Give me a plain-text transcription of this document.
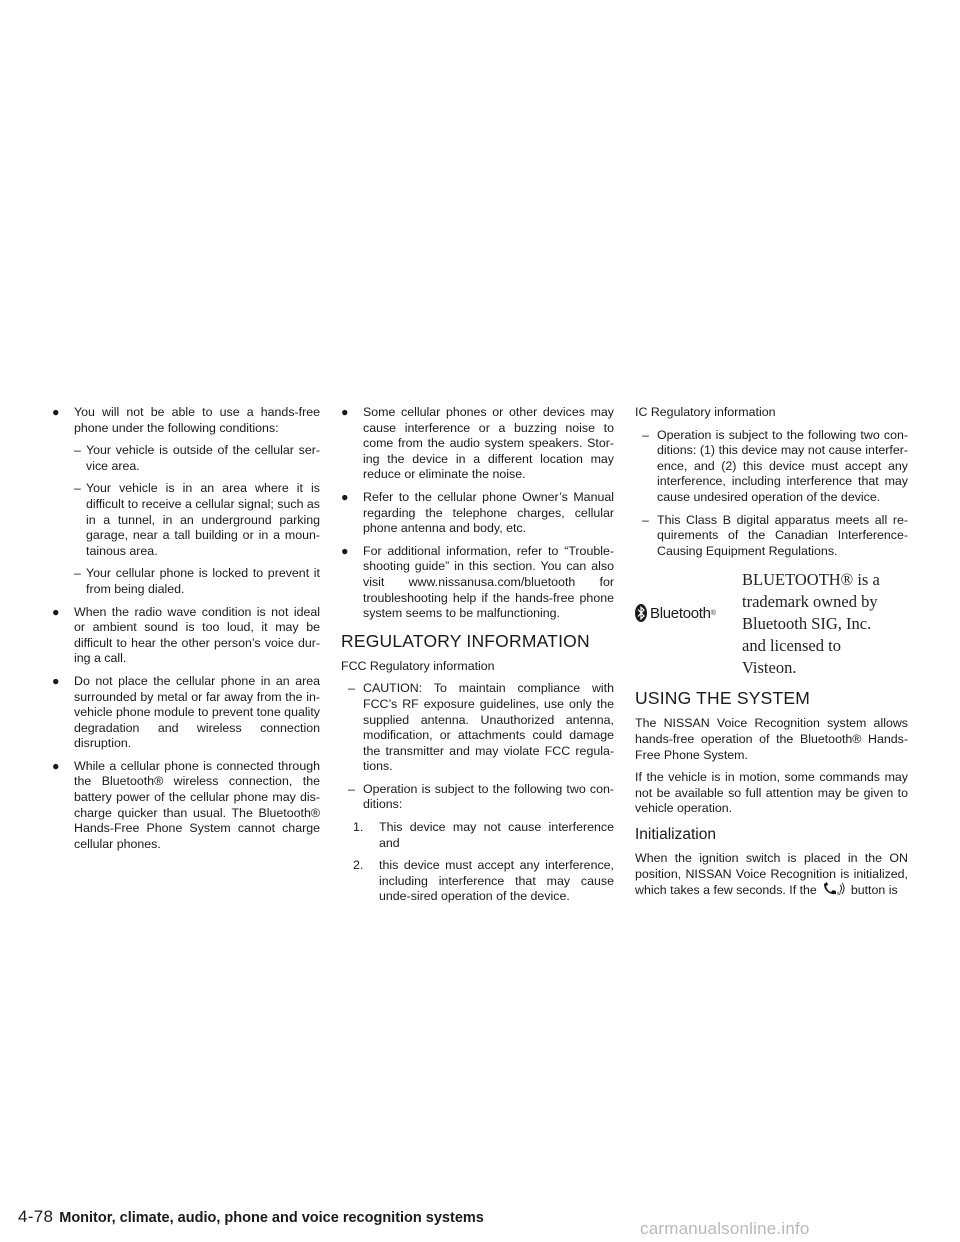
● You will not be able to use a hands-free phone under the following conditions:
– Your vehicle is outside of the cellular ser-vice area.
– Your vehicle is in an area where it is difficult to receive a cellular signal; such as in a tunnel, in an underground parking garage, near a tall building or in a moun-tainous area.
– Your cellular phone is locked to prevent it from being dialed.
● When the radio wave condition is not ideal or ambient sound is too loud, it may be difficult to hear the other person’s voice dur-ing a call.
● Do not place the cellular phone in an area surrounded by metal or far away from the in-vehicle phone module to prevent tone quality degradation and wireless connection disruption.
● While a cellular phone is connected through the Bluetooth® wireless connection, the battery power of the cellular phone may dis-charge quicker than usual. The Bluetooth® Hands-Free Phone System cannot charge cellular phones.
● Some cellular phones or other devices may cause interference or a buzzing noise to come from the audio system speakers. Stor-ing the device in a different location may reduce or eliminate the noise.
● Refer to the cellular phone Owner’s Manual regarding the telephone charges, cellular phone antenna and body, etc.
● For additional information, refer to “Trouble-shooting guide” in this section. You can also visit www.nissanusa.com/bluetooth for troubleshooting help if the hands-free phone system seems to be malfunctioning.
REGULATORY INFORMATION
FCC Regulatory information
– CAUTION: To maintain compliance with FCC’s RF exposure guidelines, use only the supplied antenna. Unauthorized antenna, modification, or attachments could damage the transmitter and may violate FCC regula-tions.
– Operation is subject to the following two con-ditions:
1. This device may not cause interference and
2. this device must accept any interference, including interference that may cause unde-sired operation of the device.
IC Regulatory information
– Operation is subject to the following two con-ditions: (1) this device may not cause interfer-ence, and (2) this device must accept any interference, including interference that may cause undesired operation of the device.
– This Class B digital apparatus meets all re-quirements of the Canadian Interference-Causing Equipment Regulations.
Bluetooth ®
BLUETOOTH® is a trademark owned by Bluetooth SIG, Inc. and licensed to Visteon.
USING THE SYSTEM

The NISSAN Voice Recognition system allows hands-free operation of the Bluetooth® Hands-Free Phone System.

If the vehicle is in motion, some commands may not be available so full attention may be given to vehicle operation.

Initialization

When the ignition switch is placed in the ON position, NISSAN Voice Recognition is initialized, which takes a few seconds. If the	w button is

4-78 Monitor, climate, audio, phone and voice recognition systems
carmanualsonline.info
